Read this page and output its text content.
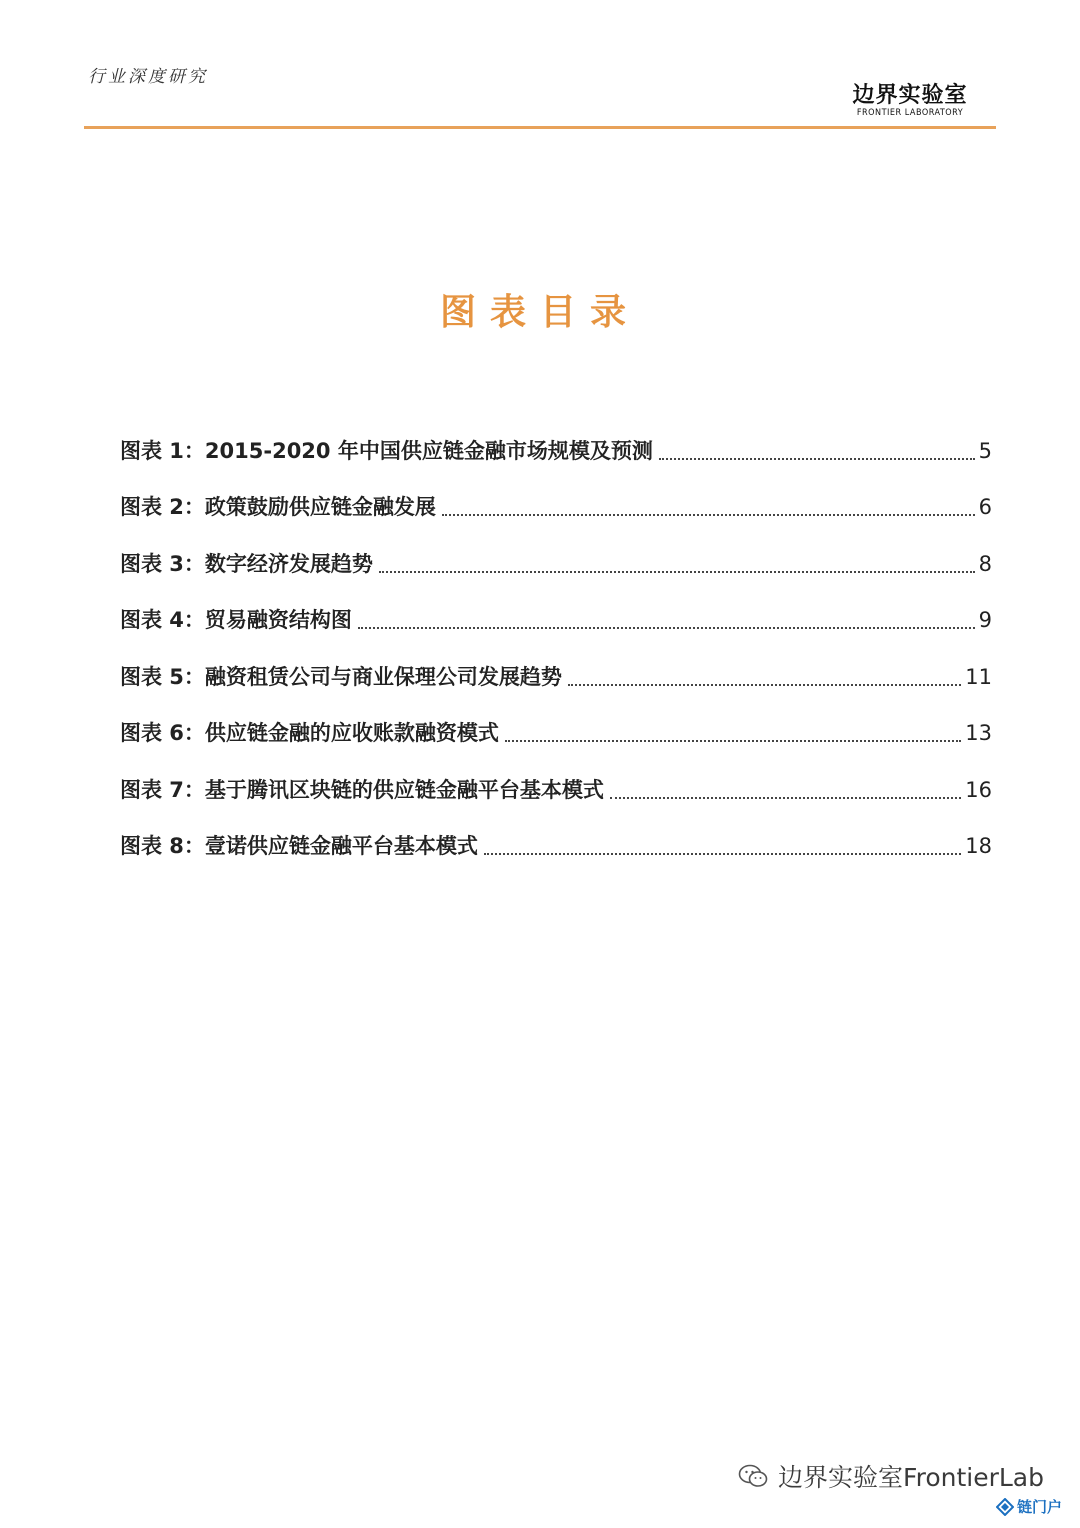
行业深度研究
边界实验室
FRONTIER LABORATORY
图表目录
图表 1：2015-2020 年中国供应链金融市场规模及预测	5
图表 2：政策鼓励供应链金融发展	6
图表 3：数字经济发展趋势	8
图表 4：贸易融资结构图	9
图表 5：融资租赁公司与商业保理公司发展趋势	11
图表 6：供应链金融的应收账款融资模式	13
图表 7：基于腾讯区块链的供应链金融平台基本模式	16
图表 8：壹诺供应链金融平台基本模式	18
边界实验室FrontierLab
链门户
